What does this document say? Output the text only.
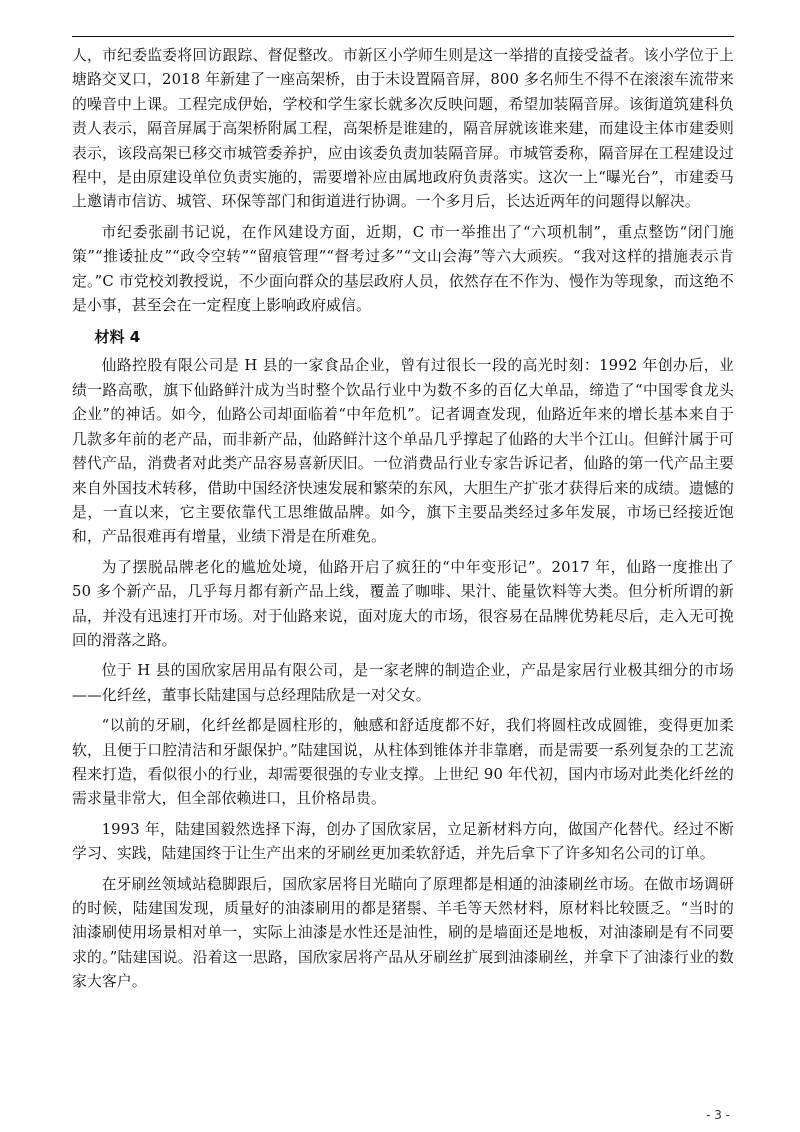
人，市纪委监委将回访跟踪、督促整改。市新区小学师生则是这一举措的直接受益者。该小学位于上塘路交叉口，2018 年新建了一座高架桥，由于未设置隔音屏，800 多名师生不得不在滚滚车流带来的噪音中上课。工程完成伊始，学校和学生家长就多次反映问题，希望加装隔音屏。该街道筑建科负责人表示，隔音屏属于高架桥附属工程，高架桥是谁建的，隔音屏就该谁来建，而建设主体市建委则表示，该段高架已移交市城管委养护，应由该委负责加装隔音屏。市城管委称，隔音屏在工程建设过程中，是由原建设单位负责实施的，需要增补应由属地政府负责落实。这次一上“曝光台”，市建委马上邀请市信访、城管、环保等部门和街道进行协调。一个多月后，长达近两年的问题得以解决。

市纪委张副书记说，在作风建设方面，近期，C 市一举推出了“六项机制”，重点整饬“闭门施策”“推诿扯皮”“政令空转”“留痕管理”“督考过多”“文山会海”等六大顽疾。“我对这样的措施表示肯定。”C 市党校刘教授说，不少面向群众的基层政府人员，依然存在不作为、慢作为等现象，而这绝不是小事，甚至会在一定程度上影响政府威信。

材料 4

仙路控股有限公司是 H 县的一家食品企业，曾有过很长一段的高光时刻：1992 年创办后，业绩一路高歌，旗下仙路鲜汁成为当时整个饮品行业中为数不多的百亿大单品，缔造了“中国零食龙头企业”的神话。如今，仙路公司却面临着“中年危机”。记者调查发现，仙路近年来的增长基本来自于几款多年前的老产品，而非新产品，仙路鲜汁这个单品几乎撑起了仙路的大半个江山。但鲜汁属于可替代产品，消费者对此类产品容易喜新厌旧。一位消费品行业专家告诉记者，仙路的第一代产品主要来自外国技术转移，借助中国经济快速发展和繁荣的东风，大胆生产扩张才获得后来的成绩。遗憾的是，一直以来，它主要依靠代工思维做品牌。如今，旗下主要品类经过多年发展，市场已经接近饱和，产品很难再有增量，业绩下滑是在所难免。

为了摆脱品牌老化的尴尬处境，仙路开启了疯狂的“中年变形记”。2017 年，仙路一度推出了 50 多个新产品，几乎每月都有新产品上线，覆盖了咖啡、果汁、能量饮料等大类。但分析所谓的新品，并没有迅速打开市场。对于仙路来说，面对庞大的市场，很容易在品牌优势耗尽后，走入无可挽回的滑落之路。

位于 H 县的国欣家居用品有限公司，是一家老牌的制造企业，产品是家居行业极其细分的市场——化纤丝，董事长陆建国与总经理陆欣是一对父女。

“以前的牙刷，化纤丝都是圆柱形的，触感和舒适度都不好，我们将圆柱改成圆锥，变得更加柔软，且便于口腔清洁和牙龈保护。”陆建国说，从柱体到锥体并非靠磨，而是需要一系列复杂的工艺流程来打造，看似很小的行业，却需要很强的专业支撑。上世纪 90 年代初，国内市场对此类化纤丝的需求量非常大，但全部依赖进口，且价格昂贵。

1993 年，陆建国毅然选择下海，创办了国欣家居，立足新材料方向，做国产化替代。经过不断学习、实践，陆建国终于让生产出来的牙刷丝更加柔软舒适，并先后拿下了许多知名公司的订单。

在牙刷丝领域站稳脚跟后，国欣家居将目光瞄向了原理都是相通的油漆刷丝市场。在做市场调研的时候，陆建国发现，质量好的油漆刷用的都是猪鬃、羊毛等天然材料，原材料比较匮乏。“当时的油漆刷使用场景相对单一，实际上油漆是水性还是油性，刷的是墙面还是地板，对油漆刷是有不同要求的。”陆建国说。沿着这一思路，国欣家居将产品从牙刷丝扩展到油漆刷丝，并拿下了油漆行业的数家大客户。

- 3 -
